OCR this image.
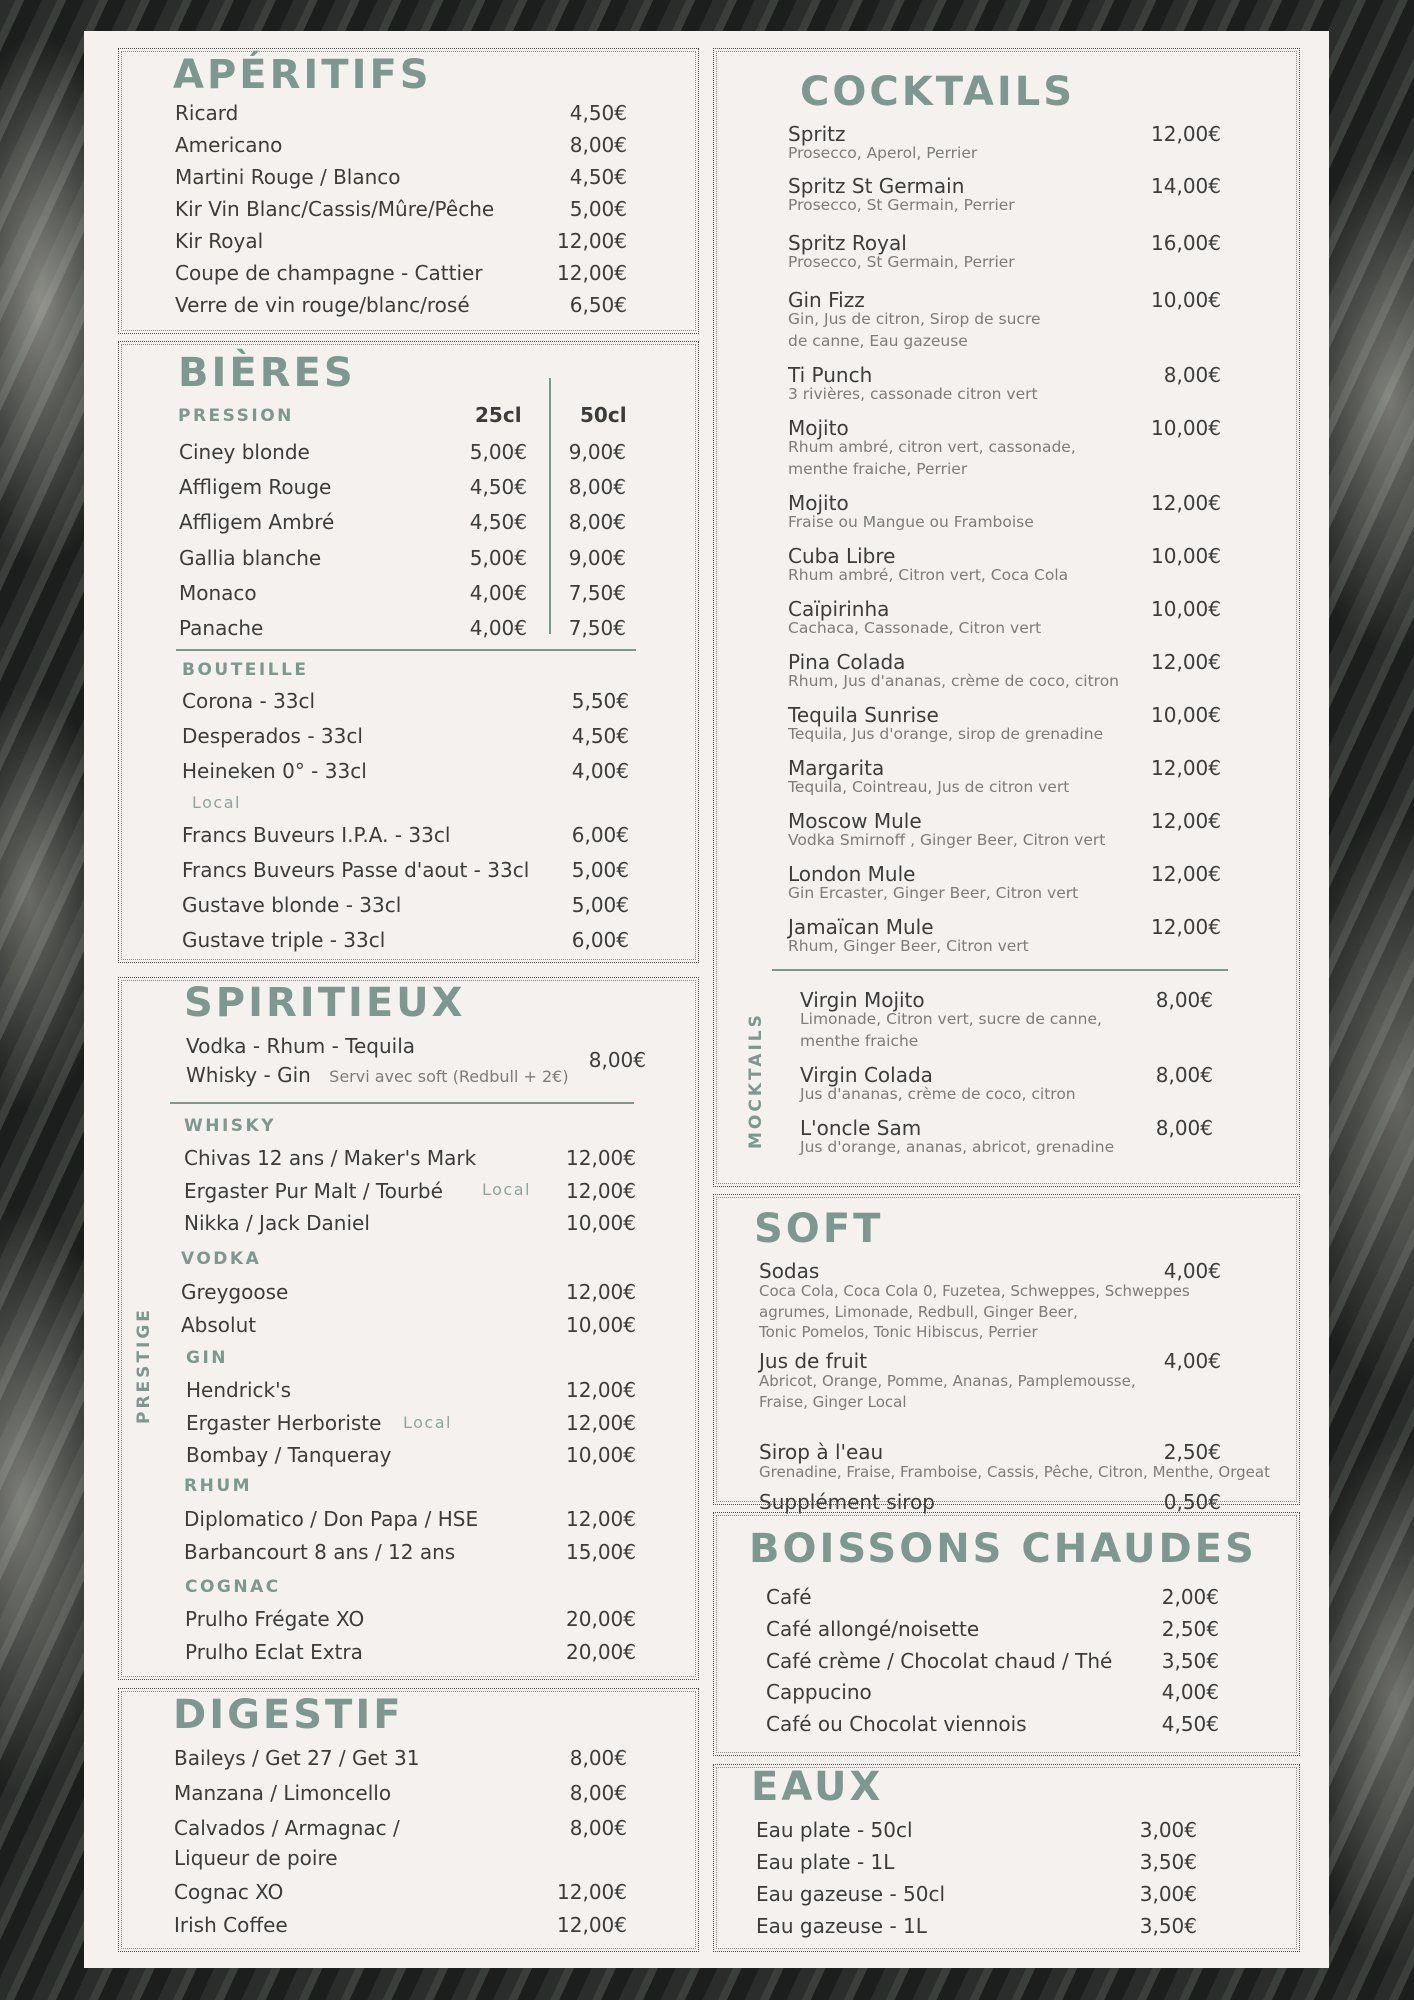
APÉRITIFS
Ricard	4,50€
Americano	8,00€
Martini Rouge / Blanco	4,50€
Kir Vin Blanc/Cassis/Mûre/Pêche	5,00€
Kir Royal	12,00€
Coupe de champagne - Cattier	12,00€
Verre de vin rouge/blanc/rosé	6,50€
BIÈRES
PRESSION	25cl	50cl
Ciney blonde	5,00€	9,00€
Affligem Rouge	4,50€	8,00€
Affligem Ambré	4,50€	8,00€
Gallia blanche	5,00€	9,00€
Monaco	4,00€	7,50€
Panache	4,00€	7,50€
BOUTEILLE
Corona - 33cl	5,50€
Desperados - 33cl	4,50€
Heineken 0° - 33cl	4,00€
Local
Francs Buveurs I.P.A. - 33cl	6,00€
Francs Buveurs Passe d'aout - 33cl	5,00€
Gustave blonde - 33cl	5,00€
Gustave triple - 33cl	6,00€
SPIRITIEUX
Vodka - Rhum - Tequila
Whisky - Gin Servi avec soft (Redbull + 2€)
8,00€
PRESTIGE
WHISKY
Chivas 12 ans / Maker's Mark	12,00€
Ergaster Pur Malt / Tourbé	12,00€
Nikka / Jack Daniel	10,00€
VODKA
Greygoose	12,00€
Absolut	10,00€
GIN
Hendrick's	12,00€
Ergaster Herboriste	12,00€
Bombay / Tanqueray	10,00€
RHUM
Diplomatico / Don Papa / HSE	12,00€
Barbancourt 8 ans / 12 ans	15,00€
COGNAC
Prulho Frégate XO	20,00€
Prulho Eclat Extra	20,00€
Local
Local
DIGESTIF
Baileys / Get 27 / Get 31	8,00€
Manzana / Limoncello	8,00€
Calvados / Armagnac /	8,00€
Liqueur de poire
Cognac XO	12,00€
Irish Coffee	12,00€
COCKTAILS
Spritz	12,00€
Prosecco, Aperol, Perrier
Spritz St Germain	14,00€
Prosecco, St Germain, Perrier
Spritz Royal	16,00€
Prosecco, St Germain, Perrier
Gin Fizz	10,00€
Gin, Jus de citron, Sirop de sucre
de canne, Eau gazeuse
Ti Punch	8,00€
3 rivières, cassonade citron vert
Mojito	10,00€
Rhum ambré, citron vert, cassonade,
menthe fraiche, Perrier
Mojito	12,00€
Fraise ou Mangue ou Framboise
Cuba Libre	10,00€
Rhum ambré, Citron vert, Coca Cola
Caïpirinha	10,00€
Cachaca, Cassonade, Citron vert
Pina Colada	12,00€
Rhum, Jus d'ananas, crème de coco, citron
Tequila Sunrise	10,00€
Tequila, Jus d'orange, sirop de grenadine
Margarita	12,00€
Tequila, Cointreau, Jus de citron vert
Moscow Mule	12,00€
Vodka Smirnoff , Ginger Beer, Citron vert
London Mule	12,00€
Gin Ercaster, Ginger Beer, Citron vert
Jamaïcan Mule	12,00€
Rhum, Ginger Beer, Citron vert
MOCKTAILS
Virgin Mojito	8,00€
Limonade, Citron vert, sucre de canne,
menthe fraiche
Virgin Colada	8,00€
Jus d'ananas, crème de coco, citron
L'oncle Sam	8,00€
Jus d'orange, ananas, abricot, grenadine
SOFT
Sodas	4,00€
Coca Cola, Coca Cola 0, Fuzetea, Schweppes, Schweppes
agrumes, Limonade, Redbull, Ginger Beer,
Tonic Pomelos, Tonic Hibiscus, Perrier
Jus de fruit	4,00€
Abricot, Orange, Pomme, Ananas, Pamplemousse,
Fraise, Ginger Local
Sirop à l'eau	2,50€
Grenadine, Fraise, Framboise, Cassis, Pêche, Citron, Menthe, Orgeat
Supplément sirop	0,50€
BOISSONS CHAUDES
Café	2,00€
Café allongé/noisette	2,50€
Café crème / Chocolat chaud / Thé	3,50€
Cappucino	4,00€
Café ou Chocolat viennois	4,50€
EAUX
Eau plate - 50cl	3,00€
Eau plate - 1L	3,50€
Eau gazeuse - 50cl	3,00€
Eau gazeuse - 1L	3,50€
